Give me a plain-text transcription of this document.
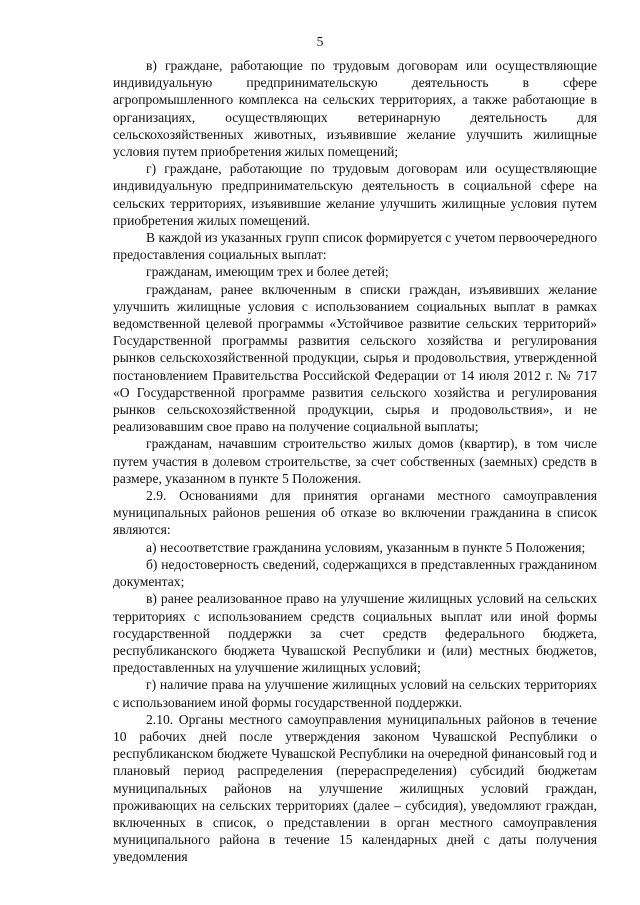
5

в) граждане, работающие по трудовым договорам или осуществляющие индивидуальную предпринимательскую деятельность в сфере агропромышленного комплекса на сельских территориях, а также работающие в организациях, осуществляющих ветеринарную деятельность для сельскохозяйственных животных, изъявившие желание улучшить жилищные условия путем приобретения жилых помещений;

г) граждане, работающие по трудовым договорам или осуществляющие индивидуальную предпринимательскую деятельность в социальной сфере на сельских территориях, изъявившие желание улучшить жилищные условия путем приобретения жилых помещений.

В каждой из указанных групп список формируется с учетом первоочередного предоставления социальных выплат:

гражданам, имеющим трех и более детей;

гражданам, ранее включенным в списки граждан, изъявивших желание улучшить жилищные условия с использованием социальных выплат в рамках ведомственной целевой программы «Устойчивое развитие сельских территорий» Государственной программы развития сельского хозяйства и регулирования рынков сельскохозяйственной продукции, сырья и продовольствия, утвержденной постановлением Правительства Российской Федерации от 14 июля 2012 г. № 717 «О Государственной программе развития сельского хозяйства и регулирования рынков сельскохозяйственной продукции, сырья и продовольствия», и не реализовавшим свое право на получение социальной выплаты;

гражданам, начавшим строительство жилых домов (квартир), в том числе путем участия в долевом строительстве, за счет собственных (заемных) средств в размере, указанном в пункте 5 Положения.

2.9. Основаниями для принятия органами местного самоуправления муниципальных районов решения об отказе во включении гражданина в список являются:

а) несоответствие гражданина условиям, указанным в пункте 5 Положения;

б) недостоверность сведений, содержащихся в представленных гражданином документах;

в) ранее реализованное право на улучшение жилищных условий на сельских территориях с использованием средств социальных выплат или иной формы государственной поддержки за счет средств федерального бюджета, республиканского бюджета Чувашской Республики и (или) местных бюджетов, предоставленных на улучшение жилищных условий;

г) наличие права на улучшение жилищных условий на сельских территориях с использованием иной формы государственной поддержки.

2.10. Органы местного самоуправления муниципальных районов в течение 10 рабочих дней после утверждения законом Чувашской Республики о республиканском бюджете Чувашской Республики на очередной финансовый год и плановый период распределения (перераспределения) субсидий бюджетам муниципальных районов на улучшение жилищных условий граждан, проживающих на сельских территориях (далее – субсидия), уведомляют граждан, включенных в список, о представлении в орган местного самоуправления муниципального района в течение 15 календарных дней с даты получения уведомления
